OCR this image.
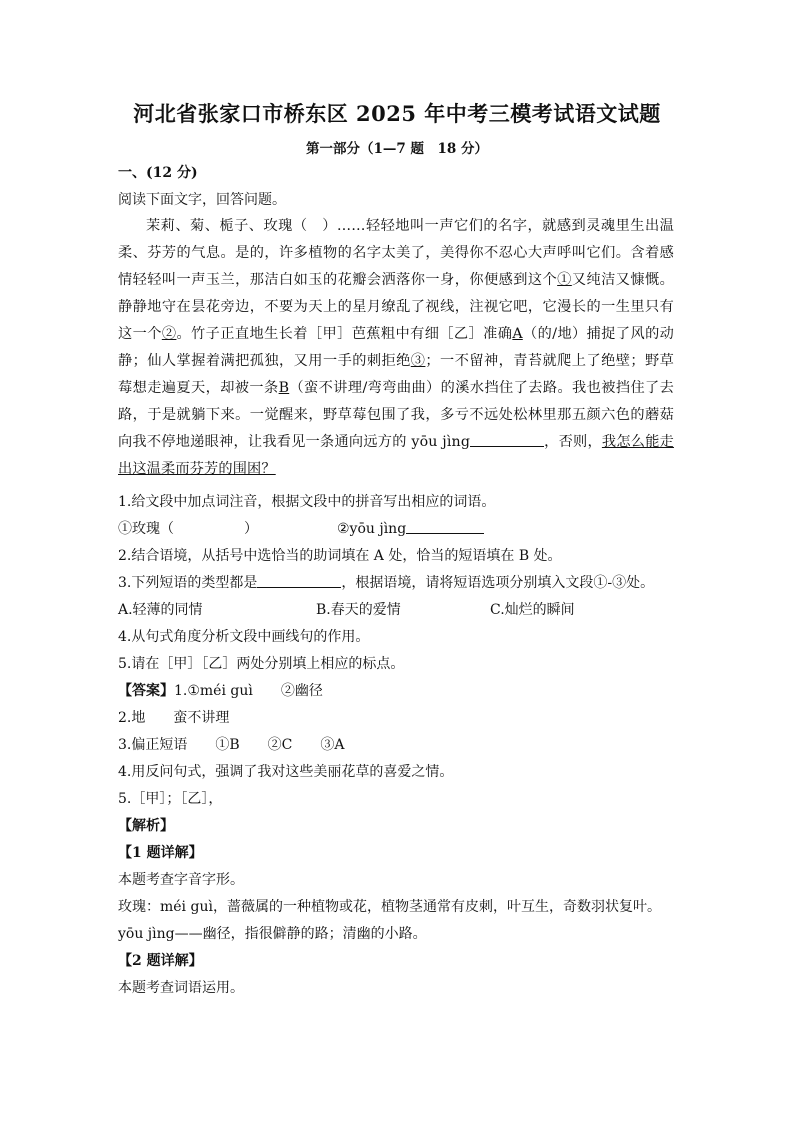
河北省张家口市桥东区 2025 年中考三模考试语文试题
第一部分（1—7 题　18 分）
一、(12 分)
阅读下面文字，回答问题。
茉莉、菊、栀子、玫瑰（　）……轻轻地叫一声它们的名字，就感到灵魂里生出温柔、芬芳的气息。是的，许多植物的名字太美了，美得你不忍心大声呼叫它们。含着感情轻轻叫一声玉兰，那洁白如玉的花瓣会洒落你一身，你便感到这个①又纯洁又慷慨。静静地守在昙花旁边，不要为天上的星月缭乱了视线，注视它吧，它漫长的一生里只有这一个②。竹子正直地生长着［甲］芭蕉粗中有细［乙］准确A（的/地）捕捉了风的动静；仙人掌握着满把孤独，又用一手的刺拒绝③；一不留神，青苔就爬上了绝壁；野草莓想走遍夏天，却被一条B（蛮不讲理/弯弯曲曲）的溪水挡住了去路。我也被挡住了去路，于是就躺下来。一觉醒来，野草莓包围了我，多亏不远处松林里那五颜六色的蘑菇向我不停地递眼神，让我看见一条通向远方的 yōu jìng	，否则，我怎么能走出这温柔而芬芳的围困？
1.给文段中加点词注音，根据文段中的拼音写出相应的词语。
①玫瑰（　　　　　）	②yōu jìng
2.结合语境，从括号中选恰当的助词填在 A 处，恰当的短语填在 B 处。
3.下列短语的类型都是	，根据语境，请将短语选项分别填入文段①-③处。
A.轻薄的同情	B.春天的爱情	C.灿烂的瞬间
4.从句式角度分析文段中画线句的作用。
5.请在［甲］［乙］两处分别填上相应的标点。
【答案】1.①méi guì　　②幽径
2.地　　蛮不讲理
3.偏正短语　　①B　　②C　　③A
4.用反问句式，强调了我对这些美丽花草的喜爱之情。
5.［甲］；［乙］，
【解析】
【1 题详解】
本题考查字音字形。
玫瑰：méi guì，蔷薇属的一种植物或花，植物茎通常有皮刺，叶互生，奇数羽状复叶。
yōu jìng——幽径，指很僻静的路；清幽的小路。
【2 题详解】
本题考查词语运用。
